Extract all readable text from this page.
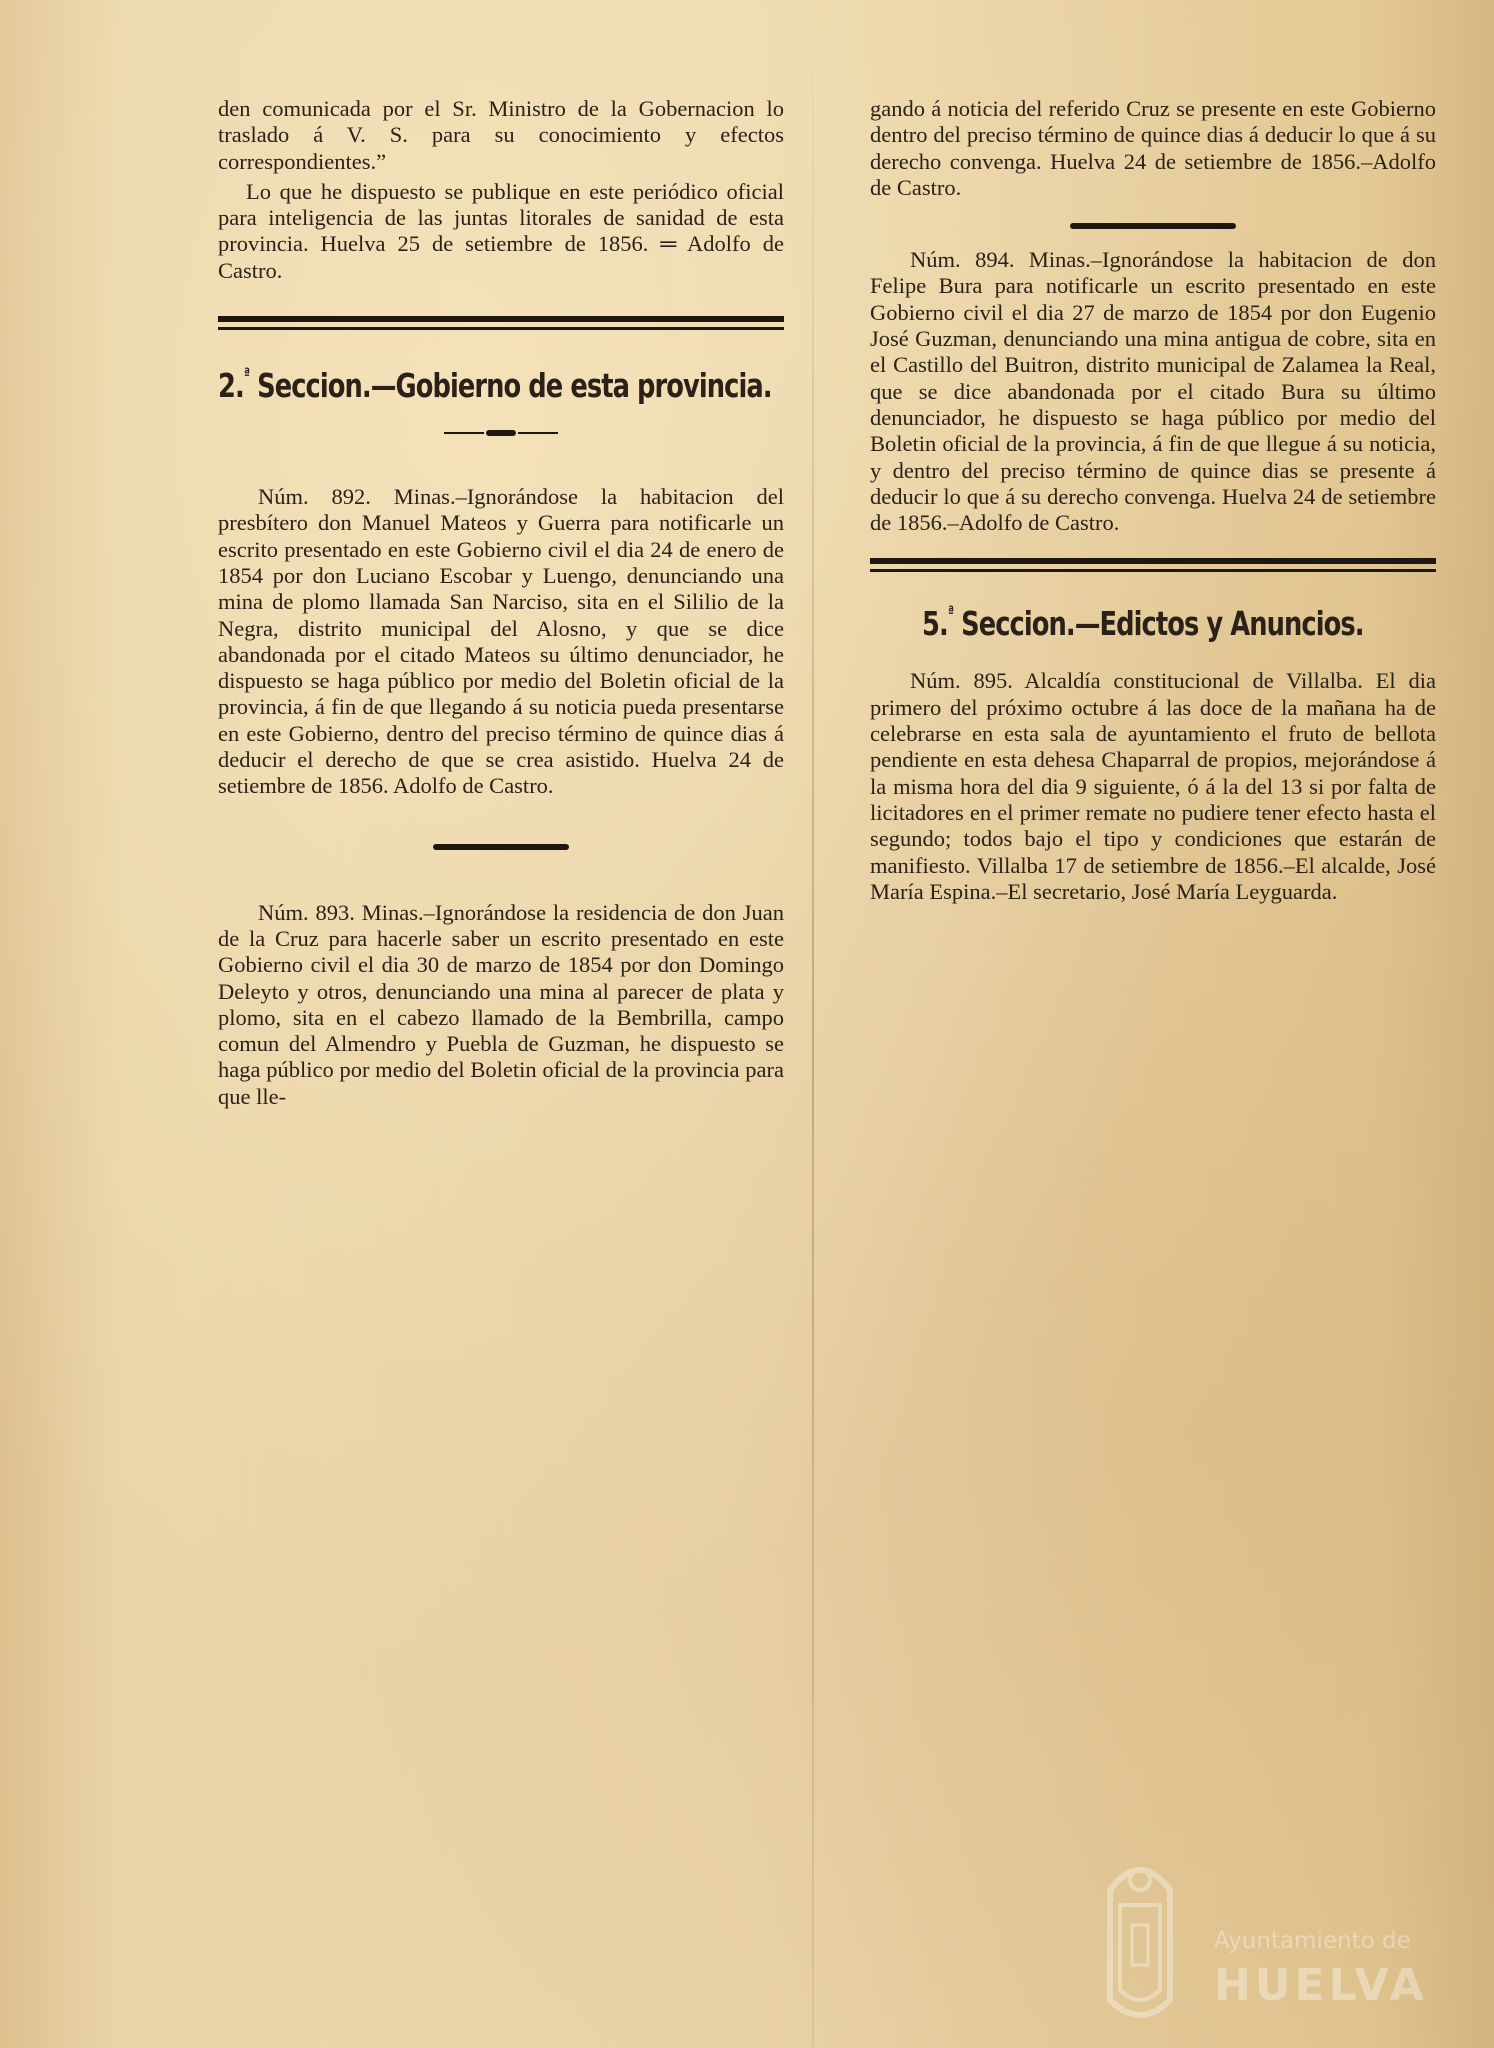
den comunicada por el Sr. Ministro de la Gobernacion lo traslado á V. S. para su conocimiento y efectos correspondientes.”

Lo que he dispuesto se publique en este periódico oficial para inteligencia de las juntas litorales de sanidad de esta provincia. Huelva 25 de setiembre de 1856. ═ Adolfo de Castro.

2.$^ª$ Seccion.—Gobierno de esta provincia.

Núm. 892. Minas.–Ignorándose la habitacion del presbítero don Manuel Mateos y Guerra para notificarle un escrito presentado en este Gobierno civil el dia 24 de enero de 1854 por don Luciano Escobar y Luengo, denunciando una mina de plomo llamada San Narciso, sita en el Sililio de la Negra, distrito municipal del Alosno, y que se dice abandonada por el citado Mateos su último denunciador, he dispuesto se haga público por medio del Boletin oficial de la provincia, á fin de que llegando á su noticia pueda presentarse en este Gobierno, dentro del preciso término de quince dias á deducir el derecho de que se crea asistido. Huelva 24 de setiembre de 1856. Adolfo de Castro.

Núm. 893. Minas.–Ignorándose la residencia de don Juan de la Cruz para hacerle saber un escrito presentado en este Gobierno civil el dia 30 de marzo de 1854 por don Domingo Deleyto y otros, denunciando una mina al parecer de plata y plomo, sita en el cabezo llamado de la Bembrilla, campo comun del Almendro y Puebla de Guzman, he dispuesto se haga público por medio del Boletin oficial de la provincia para que lle-

gando á noticia del referido Cruz se presente en este Gobierno dentro del preciso término de quince dias á deducir lo que á su derecho convenga. Huelva 24 de setiembre de 1856.–Adolfo de Castro.

Núm. 894. Minas.–Ignorándose la habitacion de don Felipe Bura para notificarle un escrito presentado en este Gobierno civil el dia 27 de marzo de 1854 por don Eugenio José Guzman, denunciando una mina antigua de cobre, sita en el Castillo del Buitron, distrito municipal de Zalamea la Real, que se dice abandonada por el citado Bura su último denunciador, he dispuesto se haga público por medio del Boletin oficial de la provincia, á fin de que llegue á su noticia, y dentro del preciso término de quince dias se presente á deducir lo que á su derecho convenga. Huelva 24 de setiembre de 1856.–Adolfo de Castro.

5.$^ª$ Seccion.—Edictos y Anuncios.

Núm. 895. Alcaldía constitucional de Villalba. El dia primero del próximo octubre á las doce de la mañana ha de celebrarse en esta sala de ayuntamiento el fruto de bellota pendiente en esta dehesa Chaparral de propios, mejorándose á la misma hora del dia 9 siguiente, ó á la del 13 si por falta de licitadores en el primer remate no pudiere tener efecto hasta el segundo; todos bajo el tipo y condiciones que estarán de manifiesto. Villalba 17 de setiembre de 1856.–El alcalde, José María Espina.–El secretario, José María Leyguarda.

Ayuntamiento de
HUELVA
